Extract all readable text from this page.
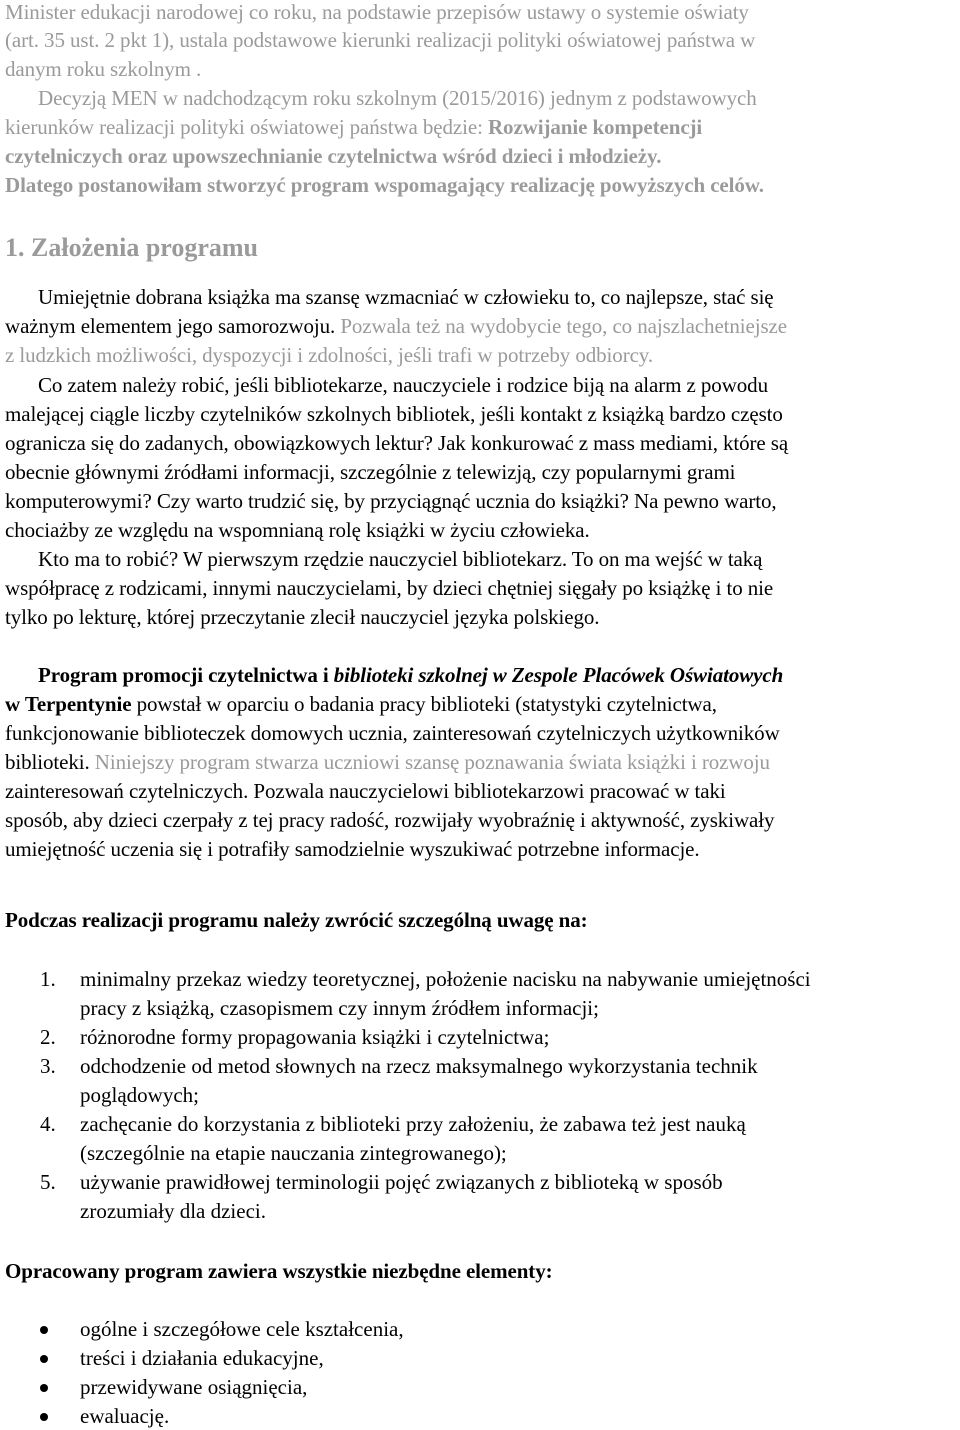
Minister edukacji narodowej co roku, na podstawie przepisów ustawy o systemie oświaty
(art. 35 ust. 2 pkt 1), ustala podstawowe kierunki realizacji polityki oświatowej państwa w
danym roku szkolnym .
Decyzją MEN w nadchodzącym roku szkolnym (2015/2016) jednym z podstawowych
kierunków realizacji polityki oświatowej państwa będzie: Rozwijanie kompetencji
czytelniczych oraz upowszechnianie czytelnictwa wśród dzieci i młodzieży.
Dlatego postanowiłam stworzyć program wspomagający realizację powyższych celów.
1. Założenia programu
Umiejętnie dobrana książka ma szansę wzmacniać w człowieku to, co najlepsze, stać się
ważnym elementem jego samorozwoju. Pozwala też na wydobycie tego, co najszlachetniejsze
z ludzkich możliwości, dyspozycji i zdolności, jeśli trafi w potrzeby odbiorcy.
Co zatem należy robić, jeśli bibliotekarze, nauczyciele i rodzice biją na alarm z powodu
malejącej ciągle liczby czytelników szkolnych bibliotek, jeśli kontakt z książką bardzo często
ogranicza się do zadanych, obowiązkowych lektur? Jak konkurować z mass mediami, które są
obecnie głównymi źródłami informacji, szczególnie z telewizją, czy popularnymi grami
komputerowymi? Czy warto trudzić się, by przyciągnąć ucznia do książki? Na pewno warto,
chociażby ze względu na wspomnianą rolę książki w życiu człowieka.
Kto ma to robić? W pierwszym rzędzie nauczyciel bibliotekarz. To on ma wejść w taką
współpracę z rodzicami, innymi nauczycielami, by dzieci chętniej sięgały po książkę i to nie
tylko po lekturę, której przeczytanie zlecił nauczyciel języka polskiego.
Program promocji czytelnictwa i biblioteki szkolnej w Zespole Placówek Oświatowych
w Terpentynie powstał w oparciu o badania pracy biblioteki (statystyki czytelnictwa,
funkcjonowanie biblioteczek domowych ucznia, zainteresowań czytelniczych użytkowników
biblioteki. Niniejszy program stwarza uczniowi szansę poznawania świata książki i rozwoju
zainteresowań czytelniczych. Pozwala nauczycielowi bibliotekarzowi pracować w taki
sposób, aby dzieci czerpały z tej pracy radość, rozwijały wyobraźnię i aktywność, zyskiwały
umiejętność uczenia się i potrafiły samodzielnie wyszukiwać potrzebne informacje.
Podczas realizacji programu należy zwrócić szczególną uwagę na:
1. minimalny przekaz wiedzy teoretycznej, położenie nacisku na nabywanie umiejętności
pracy z książką, czasopismem czy innym źródłem informacji;
2. różnorodne formy propagowania książki i czytelnictwa;
3. odchodzenie od metod słownych na rzecz maksymalnego wykorzystania technik
poglądowych;
4. zachęcanie do korzystania z biblioteki przy założeniu, że zabawa też jest nauką
(szczególnie na etapie nauczania zintegrowanego);
5. używanie prawidłowej terminologii pojęć związanych z biblioteką w sposób
zrozumiały dla dzieci.
Opracowany program zawiera wszystkie niezbędne elementy:
ogólne i szczegółowe cele kształcenia,
treści i działania edukacyjne,
przewidywane osiągnięcia,
ewaluację.
